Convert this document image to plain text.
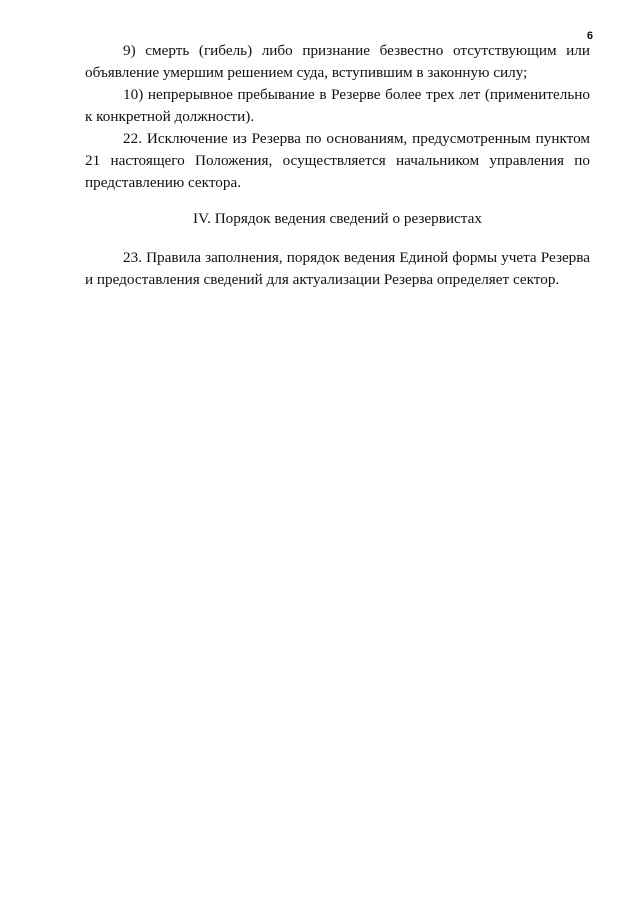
6

9) смерть (гибель) либо признание безвестно отсутствующим или объявление умершим решением суда, вступившим в законную силу;

10) непрерывное пребывание в Резерве более трех лет (применительно к конкретной должности).

22. Исключение из Резерва по основаниям, предусмотренным пунктом 21 настоящего Положения, осуществляется начальником управления по представлению сектора.

IV. Порядок ведения сведений о резервистах

23. Правила заполнения, порядок ведения Единой формы учета Резерва и предоставления сведений для актуализации Резерва определяет сектор.
